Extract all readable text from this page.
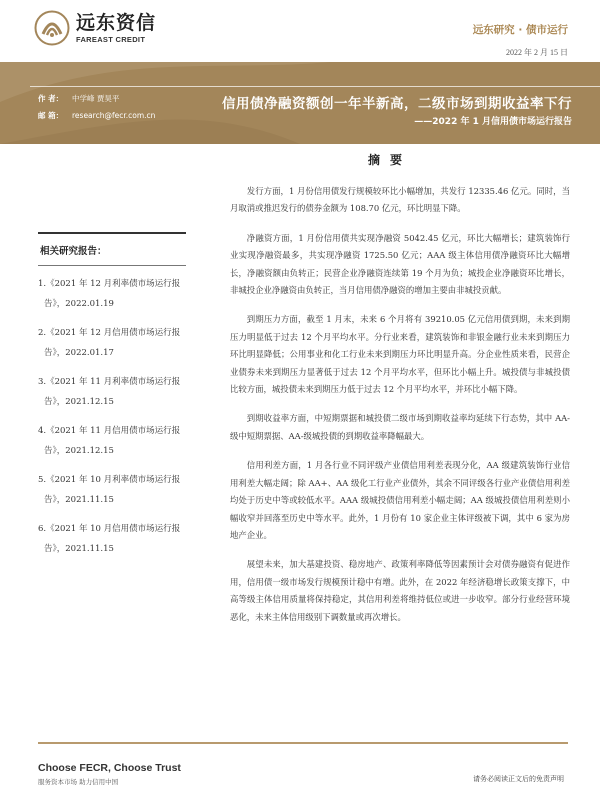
远东资信
FAREAST CREDIT
远东研究 · 债市运行
2022 年 2 月 15 日
作 者： 中学峰 贾昊平
邮 箱： research@fecr.com.cn
信用债净融资额创一年半新高，二级市场到期收益率下行
——2022 年 1 月信用债市场运行报告
摘要
相关研究报告：
1.《2021 年 12 月利率债市场运行报告》，2022.01.19
2.《2021 年 12 月信用债市场运行报告》，2022.01.17
3.《2021 年 11 月利率债市场运行报告》，2021.12.15
4.《2021 年 11 月信用债市场运行报告》，2021.12.15
5.《2021 年 10 月利率债市场运行报告》，2021.11.15
6.《2021 年 10 月信用债市场运行报告》，2021.11.15

发行方面，1 月份信用债发行规模较环比小幅增加，共发行 12335.46 亿元。同时，当月取消或推迟发行的债券金额为 108.70 亿元，环比明显下降。

净融资方面，1 月份信用债共实现净融资 5042.45 亿元，环比大幅增长；建筑装饰行业实现净融资最多，共实现净融资 1725.50 亿元；AAA 级主体信用债净融资环比大幅增长，净融资额由负转正；民营企业净融资连续第 19 个月为负；城投企业净融资环比增长，非城投企业净融资由负转正，当月信用债净融资的增加主要由非城投贡献。

到期压力方面，截至 1 月末，未来 6 个月将有 39210.05 亿元信用债到期，未来到期压力明显低于过去 12 个月平均水平。分行业来看，建筑装饰和非银金融行业未来到期压力环比明显降低；公用事业和化工行业未来到期压力环比明显升高。分企业性质来看，民营企业债券未来到期压力显著低于过去 12 个月平均水平，但环比小幅上升。城投债与非城投债比较方面，城投债未来到期压力低于过去 12 个月平均水平，并环比小幅下降。

到期收益率方面，中短期票据和城投债二级市场到期收益率均延续下行态势，其中 AA-级中短期票据、AA-级城投债的到期收益率降幅最大。

信用利差方面，1 月各行业不同评级产业债信用利差表现分化，AA 级建筑装饰行业信用利差大幅走阔；除 AA+、AA 级化工行业产业债外，其余不同评级各行业产业债信用利差均处于历史中等或较低水平。AAA 级城投债信用利差小幅走阔；AA 级城投债信用利差则小幅收窄并回落至历史中等水平。此外，1 月份有 10 家企业主体评级被下调，其中 6 家为房地产企业。

展望未来，加大基建投资、稳房地产、政策利率降低等因素预计会对债券融资有促进作用，信用债一级市场发行规模预计稳中有增。此外，在 2022 年经济稳增长政策支撑下，中高等级主体信用质量将保持稳定，其信用利差将维持低位或进一步收窄。部分行业经营环境恶化，未来主体信用级别下调数量或再次增长。

Choose FECR, Choose Trust
服务资本市场 助力信用中国	请务必阅读正文后的免责声明
